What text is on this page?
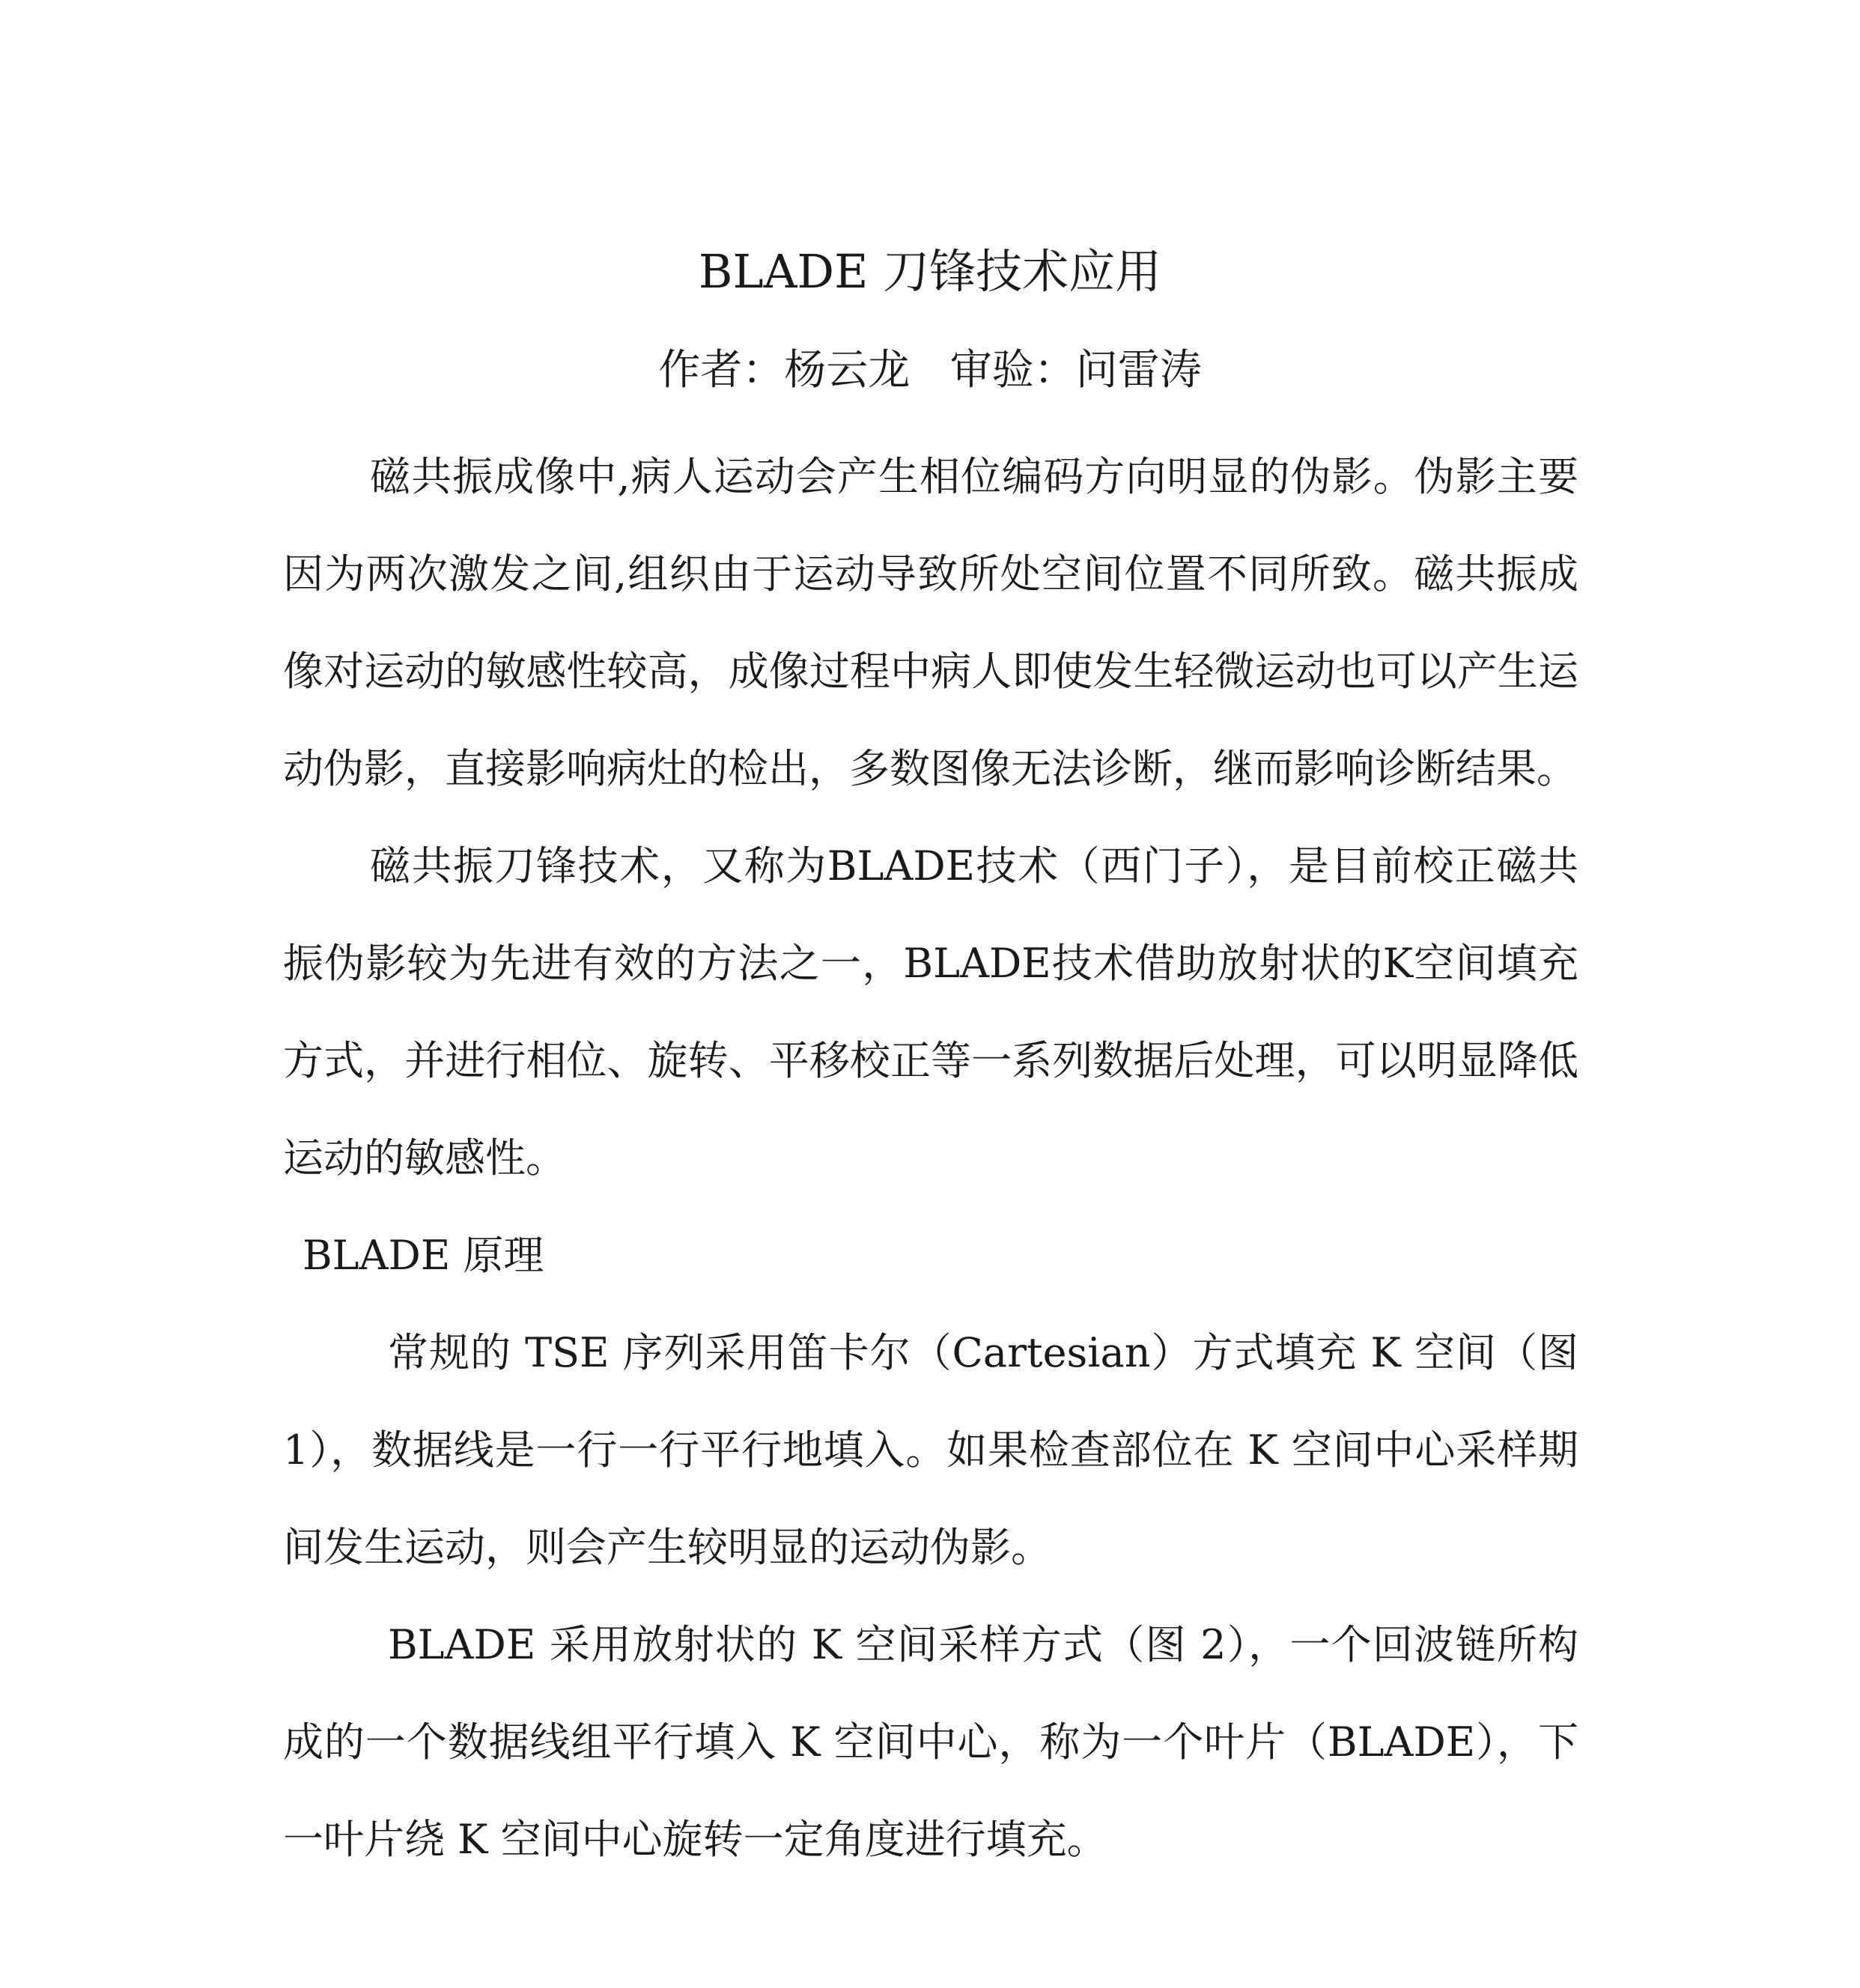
BLADE 刀锋技术应用
作者：杨云龙   审验：问雷涛

磁共振成像中,病人运动会产生相位编码方向明显的伪影。伪影主要因为两次激发之间,组织由于运动导致所处空间位置不同所致。磁共振成像对运动的敏感性较高，成像过程中病人即使发生轻微运动也可以产生运动伪影，直接影响病灶的检出，多数图像无法诊断，继而影响诊断结果。

磁共振刀锋技术，又称为BLADE技术（西门子），是目前校正磁共振伪影较为先进有效的方法之一，BLADE技术借助放射状的K空间填充方式，并进行相位、旋转、平移校正等一系列数据后处理，可以明显降低运动的敏感性。

BLADE 原理

常规的 TSE 序列采用笛卡尔（Cartesian）方式填充 K 空间（图1），数据线是一行一行平行地填入。如果检查部位在 K 空间中心采样期间发生运动，则会产生较明显的运动伪影。

BLADE 采用放射状的 K 空间采样方式（图 2），一个回波链所构成的一个数据线组平行填入 K 空间中心，称为一个叶片（BLADE），下一叶片绕 K 空间中心旋转一定角度进行填充。
